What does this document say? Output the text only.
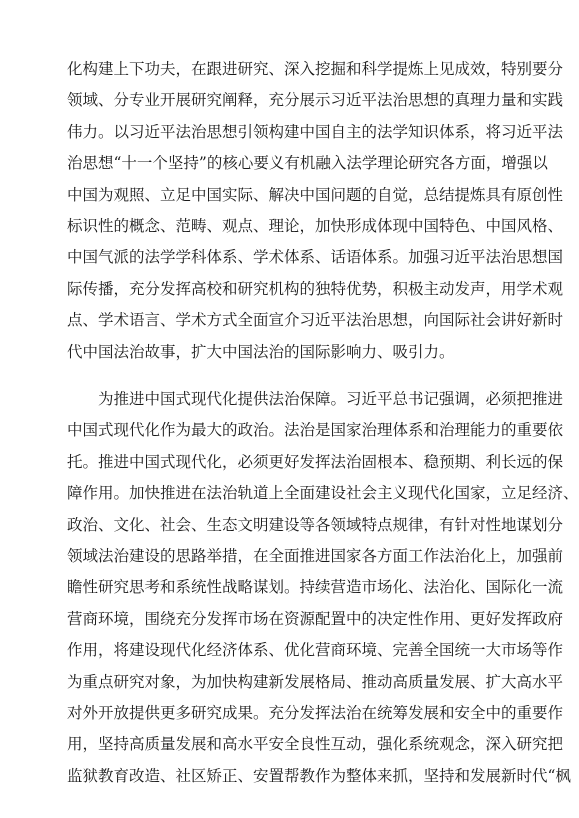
化构建上下功夫，在跟进研究、深入挖掘和科学提炼上见成效，特别要分
领域、分专业开展研究阐释，充分展示习近平法治思想的真理力量和实践
伟力。以习近平法治思想引领构建中国自主的法学知识体系，将习近平法
治思想“十一个坚持”的核心要义有机融入法学理论研究各方面，增强以
中国为观照、立足中国实际、解决中国问题的自觉，总结提炼具有原创性
标识性的概念、范畴、观点、理论，加快形成体现中国特色、中国风格、
中国气派的法学学科体系、学术体系、话语体系。加强习近平法治思想国
际传播，充分发挥高校和研究机构的独特优势，积极主动发声，用学术观
点、学术语言、学术方式全面宣介习近平法治思想，向国际社会讲好新时
代中国法治故事，扩大中国法治的国际影响力、吸引力。
为推进中国式现代化提供法治保障。习近平总书记强调，必须把推进
中国式现代化作为最大的政治。法治是国家治理体系和治理能力的重要依
托。推进中国式现代化，必须更好发挥法治固根本、稳预期、利长远的保
障作用。加快推进在法治轨道上全面建设社会主义现代化国家，立足经济、
政治、文化、社会、生态文明建设等各领域特点规律，有针对性地谋划分
领域法治建设的思路举措，在全面推进国家各方面工作法治化上，加强前
瞻性研究思考和系统性战略谋划。持续营造市场化、法治化、国际化一流
营商环境，围绕充分发挥市场在资源配置中的决定性作用、更好发挥政府
作用，将建设现代化经济体系、优化营商环境、完善全国统一大市场等作
为重点研究对象，为加快构建新发展格局、推动高质量发展、扩大高水平
对外开放提供更多研究成果。充分发挥法治在统筹发展和安全中的重要作
用，坚持高质量发展和高水平安全良性互动，强化系统观念，深入研究把
监狱教育改造、社区矫正、安置帮教作为整体来抓，坚持和发展新时代“枫
